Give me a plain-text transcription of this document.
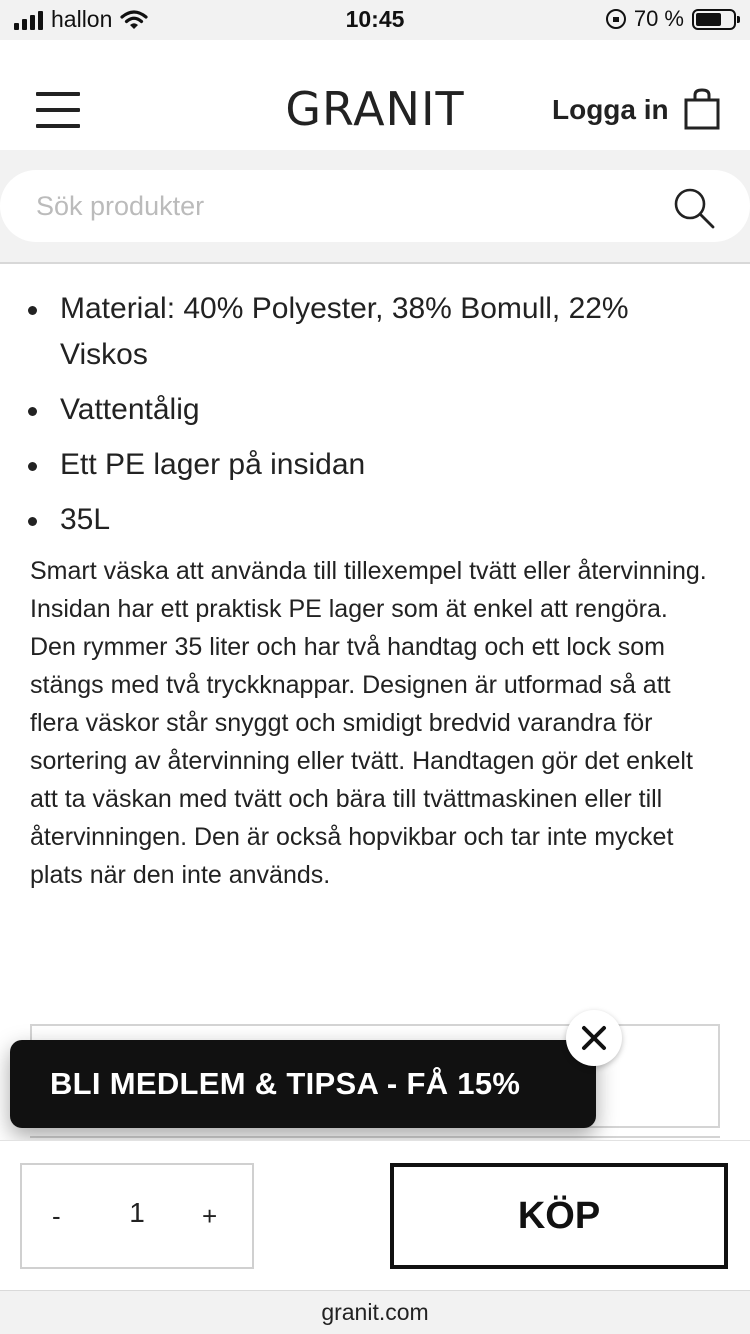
hallon	10:45	70 %
GRANIT	Logga in
Sök produkter
Material: 40% Polyester, 38% Bomull, 22% Viskos
Vattentålig
Ett PE lager på insidan
35L

Smart väska att använda till tillexempel tvätt eller återvinning. Insidan har ett praktisk PE lager som ät enkel att rengöra. Den rymmer 35 liter och har två handtag och ett lock som stängs med två tryckknappar. Designen är utformad så att flera väskor står snyggt och smidigt bredvid varandra för sortering av återvinning eller tvätt. Handtagen gör det enkelt att ta väskan med tvätt och bära till tvättmaskinen eller till återvinningen. Den är också hopvikbar och tar inte mycket plats när den inte används.

BLI MEDLEM & TIPSA - FÅ 15%
-	1	+	KÖP
granit.com
